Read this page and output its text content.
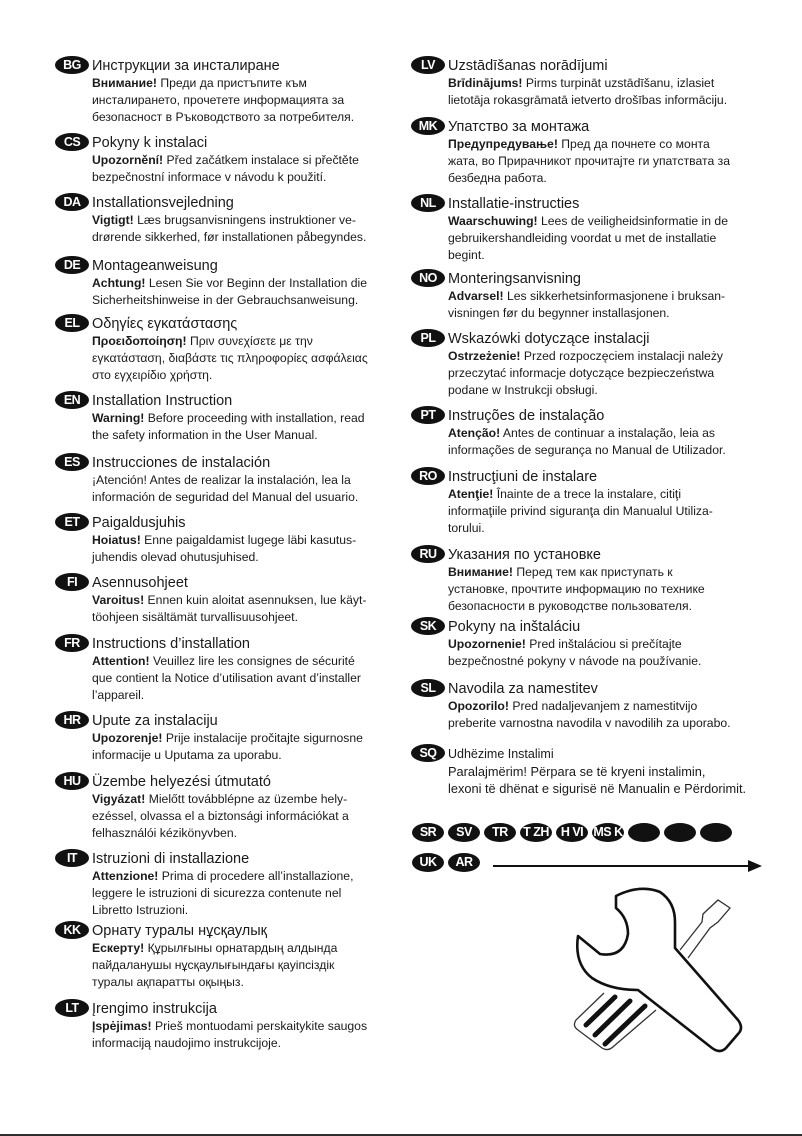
BG Инструкции за инсталиране
Внимание! Преди да пристъпите към
инсталирането, прочетете информацията за
безопасност в Ръководството за потребителя.
CS Pokyny k instalaci
Upozornění! Před začátkem instalace si přečtěte
bezpečnostní informace v návodu k použití.
DA Installationsvejledning
Vigtigt! Læs brugsanvisningens instruktioner ve-
drørende sikkerhed, før installationen påbegyndes.
DE Montageanweisung
Achtung! Lesen Sie vor Beginn der Installation die
Sicherheitshinweise in der Gebrauchsanweisung.
EL Οδηγίες εγκατάστασης
Προειδοποίηση! Πριν συνεχίσετε με την
εγκατάσταση, διαβάστε τις πληροφορίες ασφάλειας
στο εγχειρίδιο χρήστη.
EN Installation Instruction
Warning! Before proceeding with installation, read
the safety information in the User Manual.
ES Instrucciones de instalación
¡Atención! Antes de realizar la instalación, lea la
información de seguridad del Manual del usuario.
ET Paigaldusjuhis
Hoiatus! Enne paigaldamist lugege läbi kasutus-
juhendis olevad ohutusjuhised.
FI	Asennusohjeet
Varoitus! Ennen kuin aloitat asennuksen, lue käyt-
töohjeen sisältämät turvallisuusohjeet.
FR Instructions d’installation
Attention! Veuillez lire les consignes de sécurité
que contient la Notice d’utilisation avant d’installer
l’appareil.
HR Upute za instalaciju
Upozorenje! Prije instalacije pročitajte sigurnosne
informacije u Uputama za uporabu.
HU Üzembe helyezési útmutató
Vigyázat! Mielőtt továbblépne az üzembe hely-
ezéssel, olvassa el a biztonsági információkat a
felhasználói kézikönyvben.
IT	Istruzioni di installazione
Attenzione! Prima di procedere all’installazione,
leggere le istruzioni di sicurezza contenute nel
Libretto Istruzioni.
KK Орнату туралы нұсқаулық
Ескерту! Құрылғыны орнатардың алдында
пайдаланушы нұсқаулығындағы қауіпсіздік
туралы ақпаратты оқыңыз.
LT Įrengimo instrukcija
Įspėjimas! Prieš montuodami perskaitykite saugos
informaciją naudojimo instrukcijoje.
LV Uzstādīšanas norādījumi
Brīdinājums! Pirms turpināt uzstādīšanu, izlasiet
lietotāja rokasgrāmatā ietverto drošības informāciju.
MK Упатство за монтажа
Предупредување! Пред да почнете со монта
жата, во Прирачникот прочитајте ги упатствата за
безбедна работа.
NL Installatie-instructies
Waarschuwing! Lees de veiligheidsinformatie in de
gebruikershandleiding voordat u met de installatie
begint.
NO Monteringsanvisning
Advarsel! Les sikkerhetsinformasjonene i bruksan-
visningen før du begynner installasjonen.
PL Wskazówki dotyczące instalacji
Ostrzeżenie! Przed rozpoczęciem instalacji należy
przeczytać informacje dotyczące bezpieczeństwa
podane w Instrukcji obsługi.
PT Instruções de instalação
Atenção! Antes de continuar a instalação, leia as
informações de segurança no Manual de Utilizador.
RO Instrucţiuni de instalare
Atenţie! Înainte de a trece la instalare, citiţi
informaţiile privind siguranţa din Manualul Utiliza-
torului.
RU Указания по установке
Внимание! Перед тем как приступать к
установке, прочтите информацию по технике
безопасности в руководстве пользователя.
SK Pokyny na inštaláciu
Upozornenie! Pred inštaláciou si prečítajte
bezpečnostné pokyny v návode na používanie.
SL Navodila za namestitev
Opozorilo! Pred nadaljevanjem z namestitvijo
preberite varnostna navodila v navodilih za uporabo.
SQ Udhëzime Instalimi
Paralajmërim! Përpara se të kryeni instalimin,
lexoni të dhënat e sigurisë në Manualin e Përdorimit.
SR SV TR T ZH H VI MS K
UK AR
